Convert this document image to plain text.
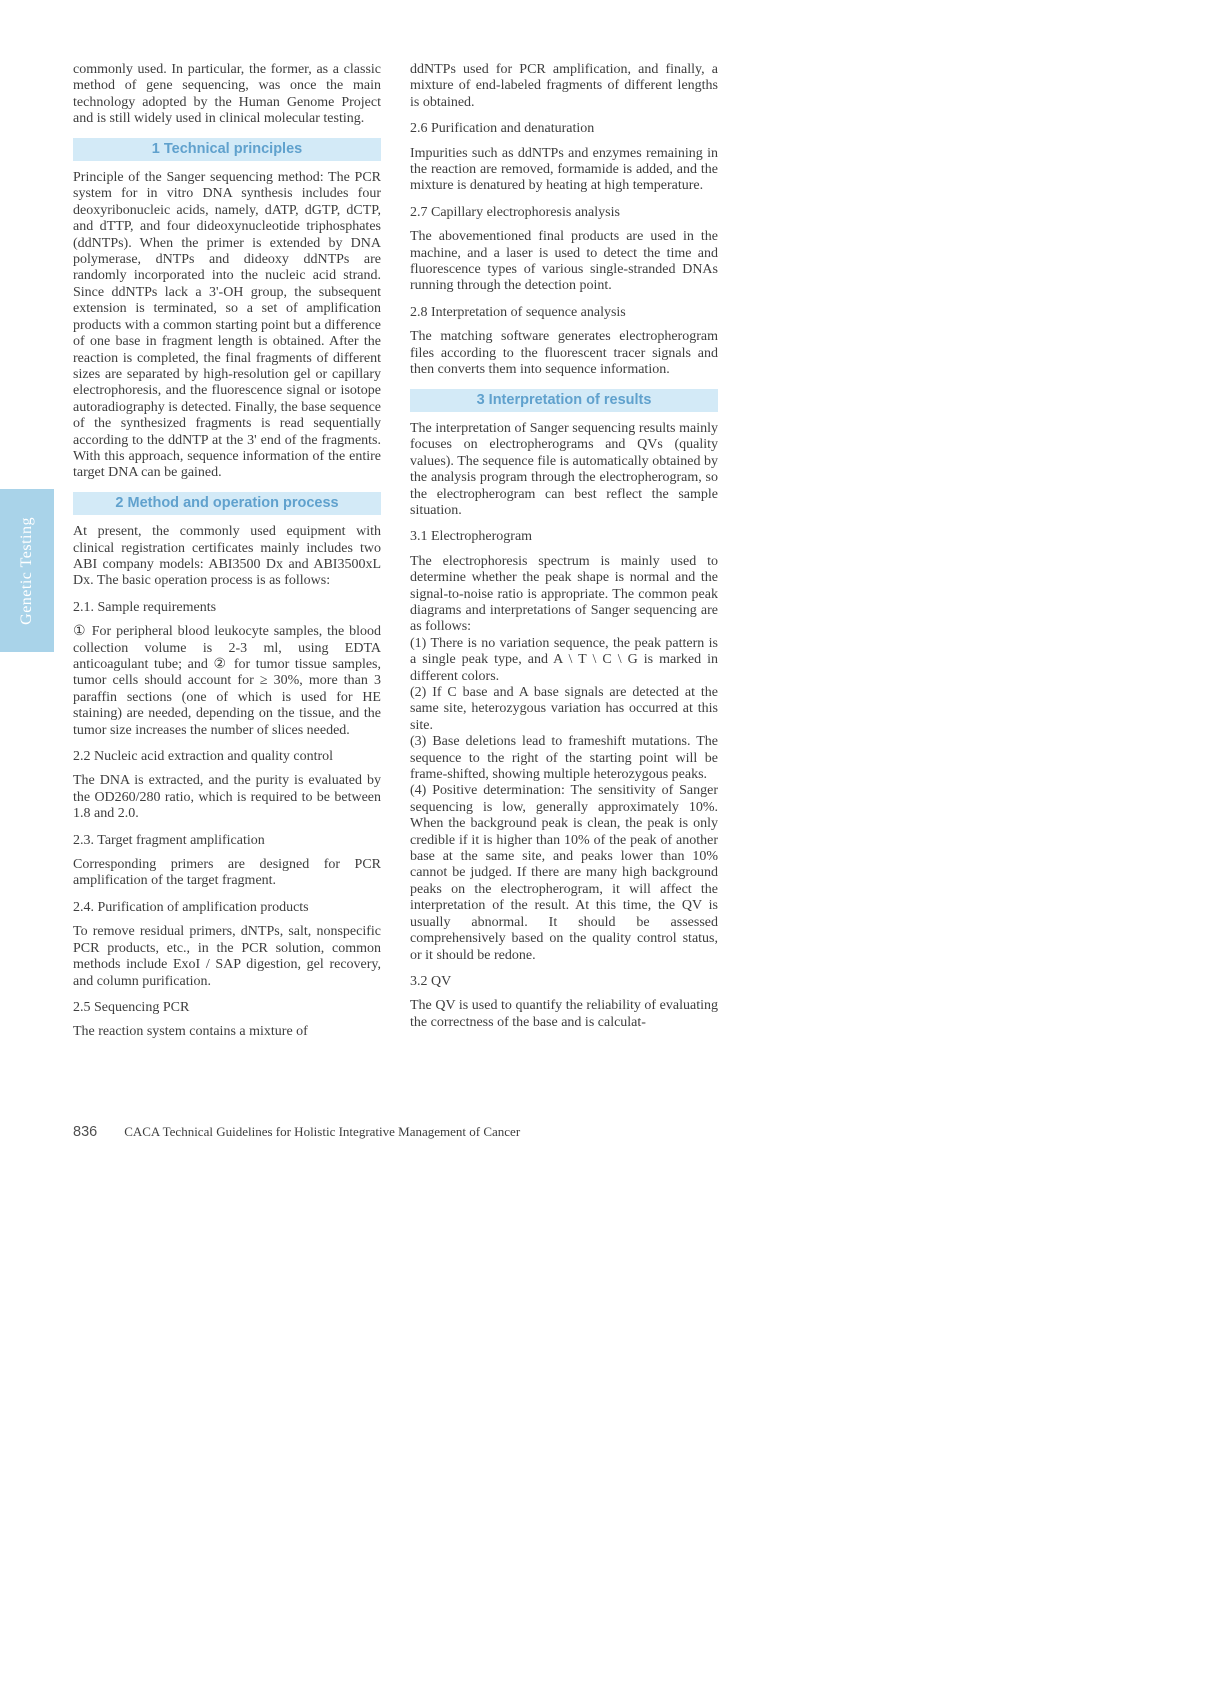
Genetic Testing
commonly used. In particular, the former, as a classic method of gene sequencing, was once the main technology adopted by the Human Genome Project and is still widely used in clinical molecular testing.
1 Technical principles
Principle of the Sanger sequencing method: The PCR system for in vitro DNA synthesis includes four deoxyribonucleic acids, namely, dATP, dGTP, dCTP, and dTTP, and four dideoxynucleotide triphosphates (ddNTPs). When the primer is extended by DNA polymerase, dNTPs and dideoxy ddNTPs are randomly incorporated into the nucleic acid strand. Since ddNTPs lack a 3'-OH group, the subsequent extension is terminated, so a set of amplification products with a common starting point but a difference of one base in fragment length is obtained. After the reaction is completed, the final fragments of different sizes are separated by high-resolution gel or capillary electrophoresis, and the fluorescence signal or isotope autoradiography is detected. Finally, the base sequence of the synthesized fragments is read sequentially according to the ddNTP at the 3' end of the fragments. With this approach, sequence information of the entire target DNA can be gained.
2 Method and operation process
At present, the commonly used equipment with clinical registration certificates mainly includes two ABI company models: ABI3500 Dx and ABI3500xL Dx. The basic operation process is as follows:
2.1. Sample requirements
① For peripheral blood leukocyte samples, the blood collection volume is 2-3 ml, using EDTA anticoagulant tube; and ② for tumor tissue samples, tumor cells should account for ≥ 30%, more than 3 paraffin sections (one of which is used for HE staining) are needed, depending on the tissue, and the tumor size increases the number of slices needed.
2.2 Nucleic acid extraction and quality control
The DNA is extracted, and the purity is evaluated by the OD260/280 ratio, which is required to be between 1.8 and 2.0.
2.3. Target fragment amplification
Corresponding primers are designed for PCR amplification of the target fragment.
2.4. Purification of amplification products
To remove residual primers, dNTPs, salt, nonspecific PCR products, etc., in the PCR solution, common methods include ExoI / SAP digestion, gel recovery, and column purification.
2.5 Sequencing PCR
The reaction system contains a mixture of
ddNTPs used for PCR amplification, and finally, a mixture of end-labeled fragments of different lengths is obtained.
2.6 Purification and denaturation
Impurities such as ddNTPs and enzymes remaining in the reaction are removed, formamide is added, and the mixture is denatured by heating at high temperature.
2.7 Capillary electrophoresis analysis
The abovementioned final products are used in the machine, and a laser is used to detect the time and fluorescence types of various single-stranded DNAs running through the detection point.
2.8 Interpretation of sequence analysis
The matching software generates electropherogram files according to the fluorescent tracer signals and then converts them into sequence information.
3 Interpretation of results
The interpretation of Sanger sequencing results mainly focuses on electropherograms and QVs (quality values). The sequence file is automatically obtained by the analysis program through the electropherogram, so the electropherogram can best reflect the sample situation.
3.1 Electropherogram
The electrophoresis spectrum is mainly used to determine whether the peak shape is normal and the signal-to-noise ratio is appropriate. The common peak diagrams and interpretations of Sanger sequencing are as follows:
(1) There is no variation sequence, the peak pattern is a single peak type, and A \ T \ C \ G is marked in different colors.
(2) If C base and A base signals are detected at the same site, heterozygous variation has occurred at this site.
(3) Base deletions lead to frameshift mutations. The sequence to the right of the starting point will be frame-shifted, showing multiple heterozygous peaks.
(4) Positive determination: The sensitivity of Sanger sequencing is low, generally approximately 10%. When the background peak is clean, the peak is only credible if it is higher than 10% of the peak of another base at the same site, and peaks lower than 10% cannot be judged. If there are many high background peaks on the electropherogram, it will affect the interpretation of the result. At this time, the QV is usually abnormal. It should be assessed comprehensively based on the quality control status, or it should be redone.
3.2 QV
The QV is used to quantify the reliability of evaluating the correctness of the base and is calculat-
836 CACA Technical Guidelines for Holistic Integrative Management of Cancer
